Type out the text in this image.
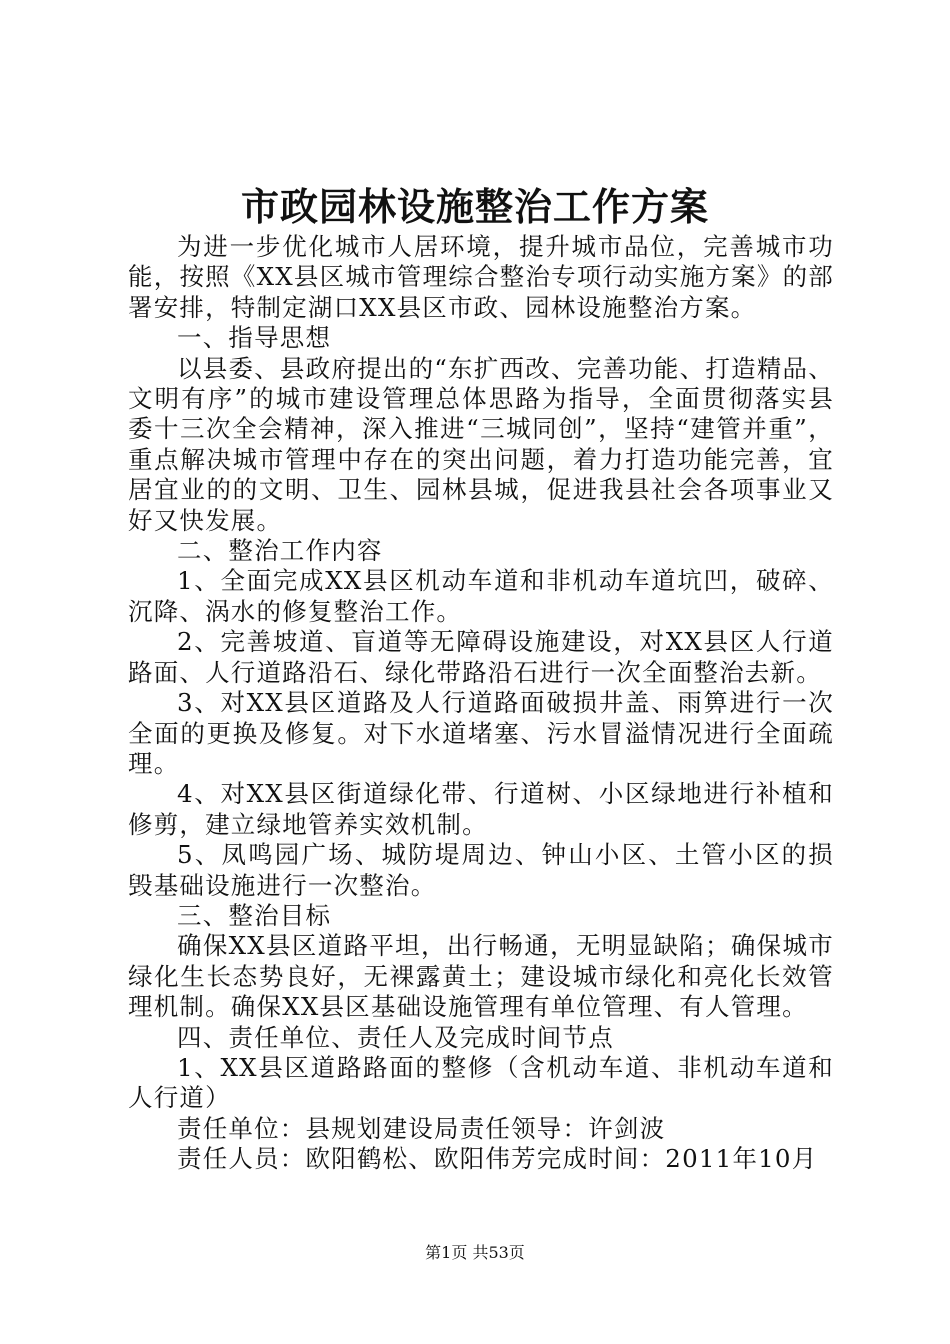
市政园林设施整治工作方案

为进一步优化城市人居环境，提升城市品位，完善城市功能，按照《XX县区城市管理综合整治专项行动实施方案》的部署安排，特制定湖口XX县区市政、园林设施整治方案。

一、指导思想

以县委、县政府提出的“东扩西改、完善功能、打造精品、文明有序”的城市建设管理总体思路为指导，全面贯彻落实县委十三次全会精神，深入推进“三城同创”，坚持“建管并重”，重点解决城市管理中存在的突出问题，着力打造功能完善，宜居宜业的的文明、卫生、园林县城，促进我县社会各项事业又好又快发展。

二、整治工作内容

1、全面完成XX县区机动车道和非机动车道坑凹，破碎、沉降、涡水的修复整治工作。

2、完善坡道、盲道等无障碍设施建设，对XX县区人行道路面、人行道路沿石、绿化带路沿石进行一次全面整治去新。

3、对XX县区道路及人行道路面破损井盖、雨箅进行一次全面的更换及修复。对下水道堵塞、污水冒溢情况进行全面疏理。

4、对XX县区街道绿化带、行道树、小区绿地进行补植和修剪，建立绿地管养实效机制。

5、凤鸣园广场、城防堤周边、钟山小区、土管小区的损毁基础设施进行一次整治。

三、整治目标

确保XX县区道路平坦，出行畅通，无明显缺陷；确保城市绿化生长态势良好，无裸露黄土；建设城市绿化和亮化长效管理机制。确保XX县区基础设施管理有单位管理、有人管理。

四、责任单位、责任人及完成时间节点

1、XX县区道路路面的整修（含机动车道、非机动车道和人行道）

责任单位：县规划建设局责任领导：许剑波

责任人员：欧阳鹤松、欧阳伟芳完成时间：2011年10月

第1页 共53页
